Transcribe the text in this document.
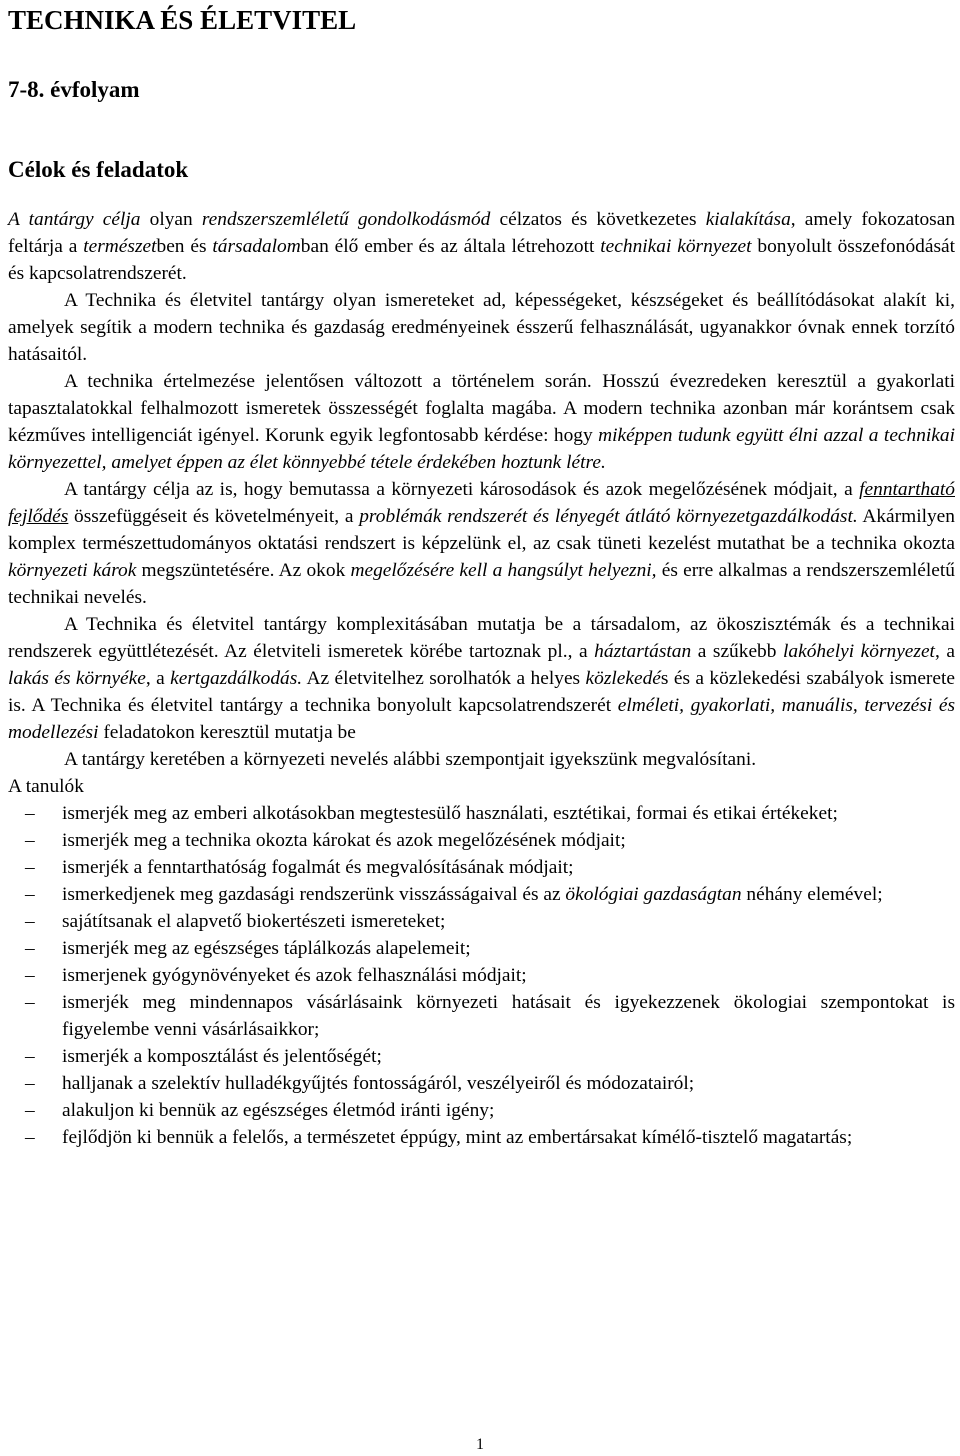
TECHNIKA ÉS ÉLETVITEL
7-8. évfolyam
Célok és feladatok

A tantárgy célja olyan rendszerszemléletű gondolkodásmód célzatos és következetes kialakítása, amely fokozatosan feltárja a természetben és társadalomban élő ember és az általa létrehozott technikai környezet bonyolult összefonódását és kapcsolatrendszerét.

A Technika és életvitel tantárgy olyan ismereteket ad, képességeket, készségeket és beállítódásokat alakít ki, amelyek segítik a modern technika és gazdaság eredményeinek ésszerű felhasználását, ugyanakkor óvnak ennek torzító hatásaitól.

A technika értelmezése jelentősen változott a történelem során. Hosszú évezredeken keresztül a gyakorlati tapasztalatokkal felhalmozott ismeretek összességét foglalta magába. A modern technika azonban már korántsem csak kézműves intelligenciát igényel. Korunk egyik legfontosabb kérdése: hogy miképpen tudunk együtt élni azzal a technikai környezettel, amelyet éppen az élet könnyebbé tétele érdekében hoztunk létre.

A tantárgy célja az is, hogy bemutassa a környezeti károsodások és azok megelőzésének módjait, a fenntartható fejlődés összefüggéseit és követelményeit, a problémák rendszerét és lényegét átlátó környezetgazdálkodást. Akármilyen komplex természettudományos oktatási rendszert is képzelünk el, az csak tüneti kezelést mutathat be a technika okozta környezeti károk megszüntetésére. Az okok megelőzésére kell a hangsúlyt helyezni, és erre alkalmas a rendszerszemléletű technikai nevelés.

A Technika és életvitel tantárgy komplexitásában mutatja be a társadalom, az ökoszisztémák és a technikai rendszerek együttlétezését. Az életviteli ismeretek körébe tartoznak pl., a háztartástan a szűkebb lakóhelyi környezet, a lakás és környéke, a kertgazdálkodás. Az életvitelhez sorolhatók a helyes közlekedés és a közlekedési szabályok ismerete is. A Technika és életvitel tantárgy a technika bonyolult kapcsolatrendszerét elméleti, gyakorlati, manuális, tervezési és modellezési feladatokon keresztül mutatja be

A tantárgy keretében a környezeti nevelés alábbi szempontjait igyekszünk megvalósítani.

A tanulók

– ismerjék meg az emberi alkotásokban megtestesülő használati, esztétikai, formai és etikai értékeket;
– ismerjék meg a technika okozta károkat és azok megelőzésének módjait;
– ismerjék a fenntarthatóság fogalmát és megvalósításának módjait;
– ismerkedjenek meg gazdasági rendszerünk visszásságaival és az ökológiai gazdaságtan néhány elemével;
– sajátítsanak el alapvető biokertészeti ismereteket;
– ismerjék meg az egészséges táplálkozás alapelemeit;
– ismerjenek gyógynövényeket és azok felhasználási módjait;
– ismerjék meg mindennapos vásárlásaink környezeti hatásait és igyekezzenek ökologiai szempontokat is figyelembe venni vásárlásaikkor;
– ismerjék a komposztálást és jelentőségét;
– halljanak a szelektív hulladékgyűjtés fontosságáról, veszélyeiről és módozatairól;
– alakuljon ki bennük az egészséges életmód iránti igény;
– fejlődjön ki bennük a felelős, a természetet éppúgy, mint az embertársakat kímélő-tisztelő magatartás;
1
